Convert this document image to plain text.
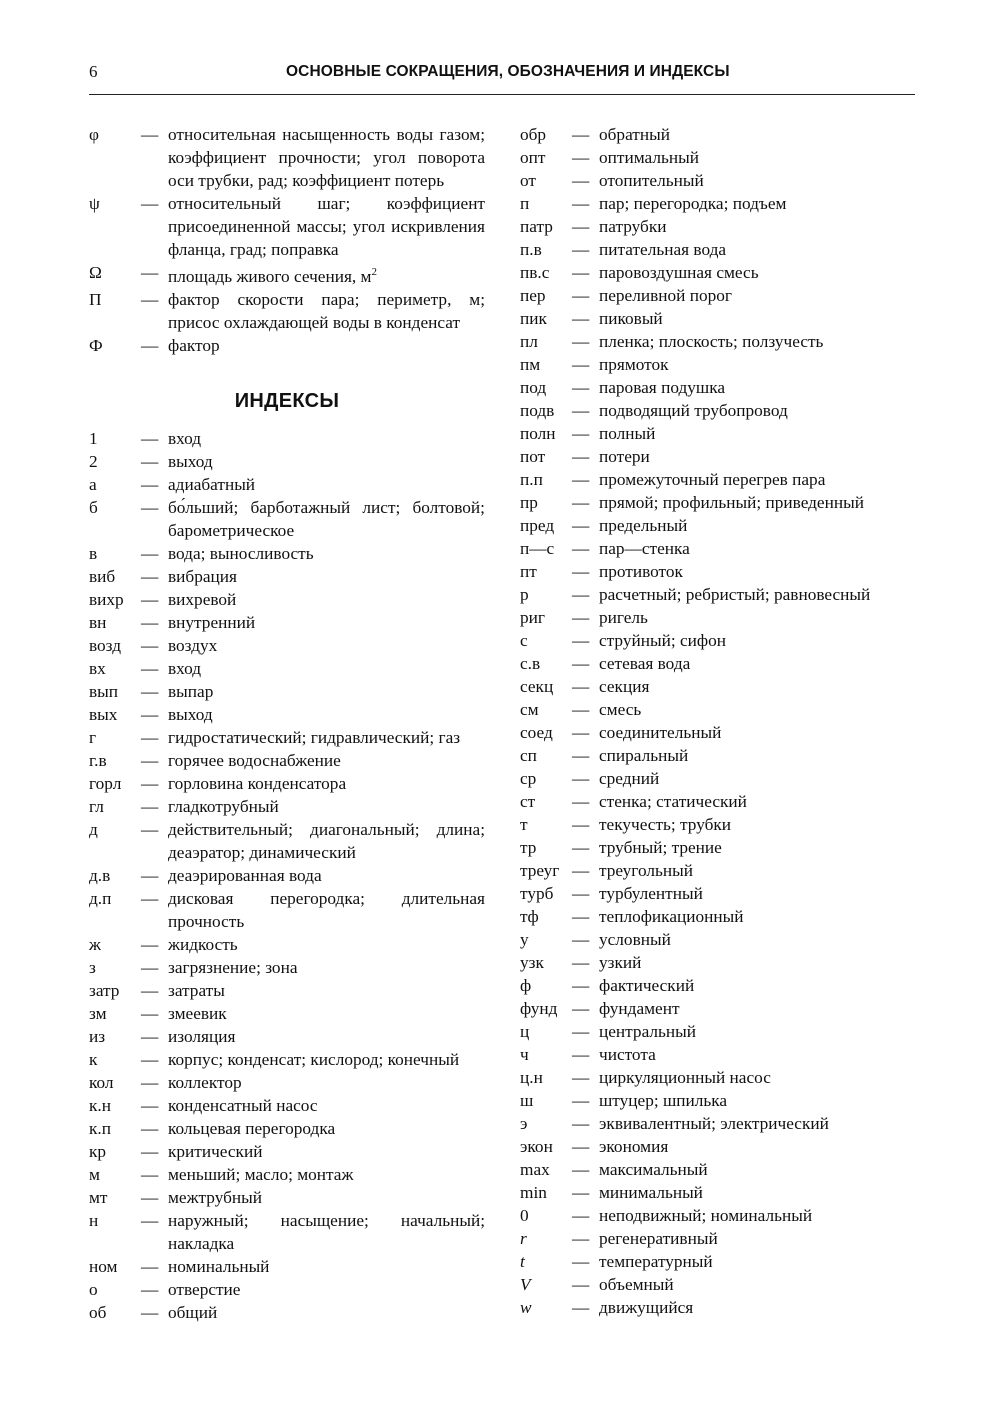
6	ОСНОВНЫЕ СОКРАЩЕНИЯ, ОБОЗНАЧЕНИЯ И ИНДЕКСЫ
φ	— относительная насыщенность воды газом; коэффициент прочности; угол поворота оси трубки, рад; коэффициент потерь
ψ	— относительный шаг; коэффициент присоединенной массы; угол искривления фланца, град; поправка
Ω	— площадь живого сечения, $м^2$
П	— фактор скорости пара; периметр, м; присос охлаждающей воды в конденсат
Ф	— фактор
ИНДЕКСЫ
1	— вход
2	— выход
а	— адиабатный
б	— бо́льший; барботажный лист; болтовой; барометрическое
в	— вода; выносливость
виб	— вибрация
вихр — вихревой
вн	— внутренний
возд	— воздух
вх	— вход
вып	— выпар
вых	— выход
г	— гидростатический; гидравлический; газ
г.в	— горячее водоснабжение
горл	— горловина конденсатора
гл	— гладкотрубный
д	— действительный; диагональный; длина; деаэратор; динамический
д.в	— деаэрированная вода
д.п	— дисковая перегородка; длительная прочность
ж	— жидкость
з	— загрязнение; зона
затр	— затраты
зм	— змеевик
из	— изоляция
к	— корпус; конденсат; кислород; конечный
кол	— коллектор
к.н	— конденсатный насос
к.п	— кольцевая перегородка
кр	— критический
м	— меньший; масло; монтаж
мт	— межтрубный
н	— наружный; насыщение; начальный; накладка
ном	— номинальный
о	— отверстие
об	— общий
обр	— обратный
опт	— оптимальный
от	— отопительный
п	— пар; перегородка; подъем
патр	— патрубки
п.в	— питательная вода
пв.с	— паровоздушная смесь
пер	— переливной порог
пик	— пиковый
пл	— пленка; плоскость; ползучесть
пм	— прямоток
под	— паровая подушка
подв	— подводящий трубопровод
полн — полный
пот	— потери
п.п	— промежуточный перегрев пара
пр	— прямой; профильный; приведенный
пред	— предельный
п—с	— пар—стенка
пт	— противоток
р	— расчетный; ребристый; равновесный
риг	— ригель
с	— струйный; сифон
с.в	— сетевая вода
секц	— секция
см	— смесь
соед	— соединительный
сп	— спиральный
ср	— средний
ст	— стенка; статический
т	— текучесть; трубки
тр	— трубный; трение
треуг — треугольный
турб	— турбулентный
тф	— теплофикационный
у	— условный
узк	— узкий
ф	— фактический
фунд — фундамент
ц	— центральный
ч	— чистота
ц.н	— циркуляционный насос
ш	— штуцер; шпилька
э	— эквивалентный; электрический
экон	— экономия
max	— максимальный
min	— минимальный
0	— неподвижный; номинальный
r	— регенеративный
t	— температурный
V	— объемный
w	— движущийся
